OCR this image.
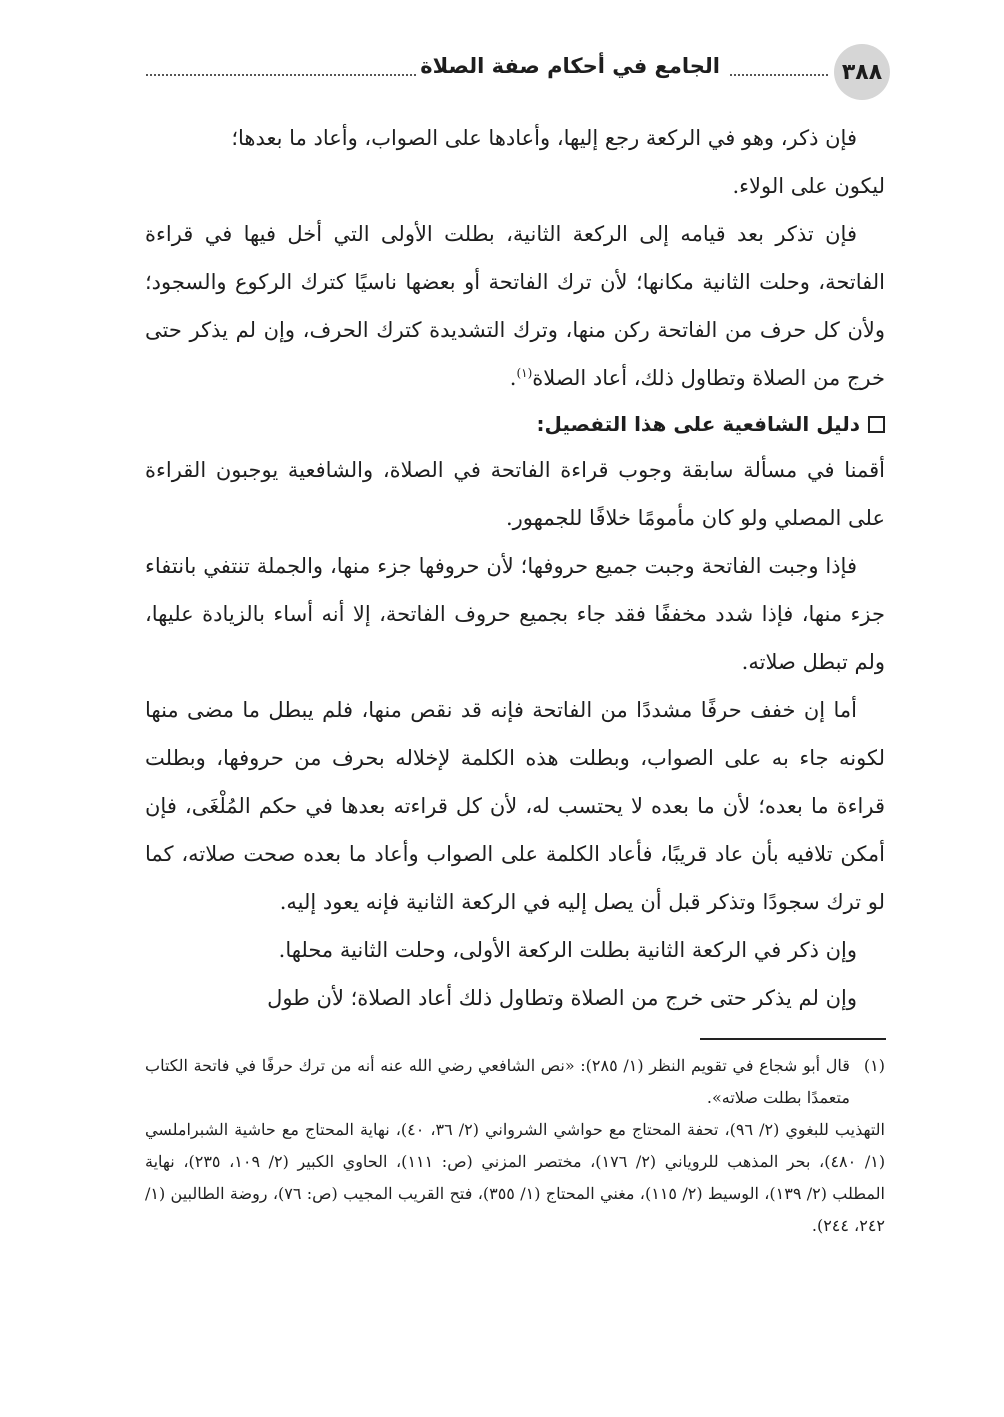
٣٨٨
الجامع في أحكام صفة الصلاة

فإن ذكر، وهو في الركعة رجع إليها، وأعادها على الصواب، وأعاد ما بعدها؛

ليكون على الولاء.

فإن تذكر بعد قيامه إلى الركعة الثانية، بطلت الأولى التي أخل فيها في قراءة الفاتحة، وحلت الثانية مكانها؛ لأن ترك الفاتحة أو بعضها ناسيًا كترك الركوع والسجود؛ ولأن كل حرف من الفاتحة ركن منها، وترك التشديدة كترك الحرف، وإن لم يذكر حتى خرج من الصلاة وتطاول ذلك، أعاد الصلاة$^{(١)}$.

دليل الشافعية على هذا التفصيل:

أقمنا في مسألة سابقة وجوب قراءة الفاتحة في الصلاة، والشافعية يوجبون القراءة على المصلي ولو كان مأمومًا خلافًا للجمهور.

فإذا وجبت الفاتحة وجبت جميع حروفها؛ لأن حروفها جزء منها، والجملة تنتفي بانتفاء جزء منها، فإذا شدد مخففًا فقد جاء بجميع حروف الفاتحة، إلا أنه أساء بالزيادة عليها، ولم تبطل صلاته.

أما إن خفف حرفًا مشددًا من الفاتحة فإنه قد نقص منها، فلم يبطل ما مضى منها لكونه جاء به على الصواب، وبطلت هذه الكلمة لإخلاله بحرف من حروفها، وبطلت قراءة ما بعده؛ لأن ما بعده لا يحتسب له، لأن كل قراءته بعدها في حكم المُلْغَى، فإن أمكن تلافيه بأن عاد قريبًا، فأعاد الكلمة على الصواب وأعاد ما بعده صحت صلاته، كما لو ترك سجودًا وتذكر قبل أن يصل إليه في الركعة الثانية فإنه يعود إليه.

وإن ذكر في الركعة الثانية بطلت الركعة الأولى، وحلت الثانية محلها.

وإن لم يذكر حتى خرج من الصلاة وتطاول ذلك أعاد الصلاة؛ لأن طول

(١)

قال أبو شجاع في تقويم النظر (١/ ٢٨٥): «نص الشافعي رضي الله عنه أنه من ترك حرفًا في فاتحة الكتاب متعمدًا بطلت صلاته».

التهذيب للبغوي (٢/ ٩٦)، تحفة المحتاج مع حواشي الشرواني (٢/ ٣٦، ٤٠)، نهاية المحتاج مع حاشية الشبراملسي (١/ ٤٨٠)، بحر المذهب للروياني (٢/ ١٧٦)، مختصر المزني (ص: ١١١)، الحاوي الكبير (٢/ ١٠٩، ٢٣٥)، نهاية المطلب (٢/ ١٣٩)، الوسيط (٢/ ١١٥)، مغني المحتاج (١/ ٣٥٥)، فتح القريب المجيب (ص: ٧٦)، روضة الطالبين (١/ ٢٤٢، ٢٤٤).
